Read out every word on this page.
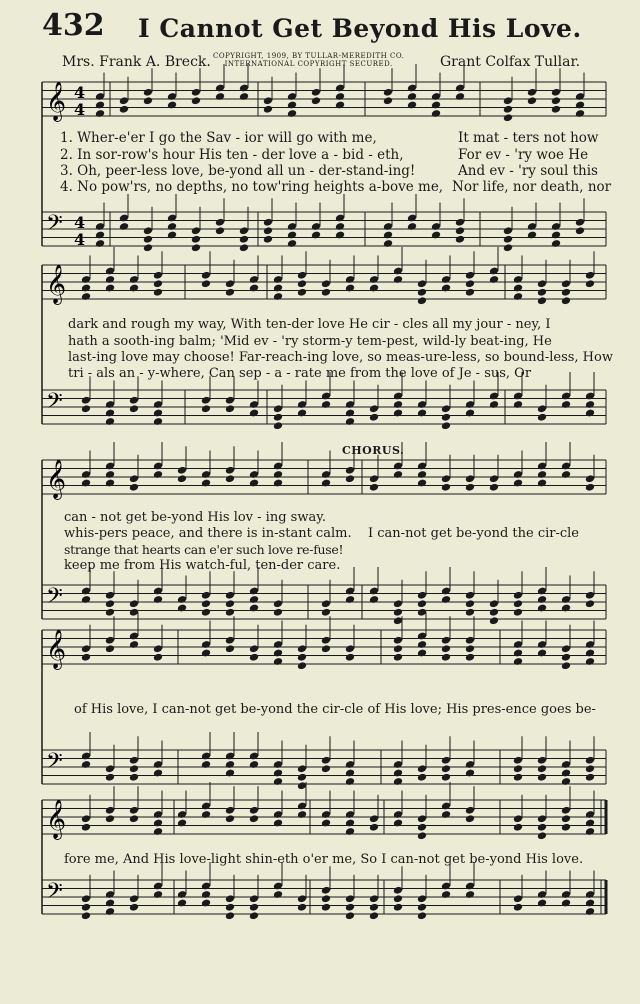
432 I Cannot Get Beyond His Love.
Mrs. Frank A. Breck. COPYRIGHT, 1909, BY TULLAR-MEREDITH CO.
INTERNATIONAL COPYRIGHT SECURED.	Grant Colfax Tullar.
𝄞
𝄢
4
4
4
4
𝄞
𝄢
𝄞
𝄢
𝄞
𝄢
𝄞
𝄢
CHORUS.
1. Wher-e'er I go the Sav - ior will go with me,	It mat - ters not how
2. In sor-row's hour His ten - der love a - bid - eth,	For ev - 'ry woe He
3. Oh, peer-less love, be-yond all un - der-stand-ing!	And ev - 'ry soul this
4. No pow'rs, no depths, no tow'ring heights a-bove me, Nor life, nor death, nor
dark and rough my way, With ten-der love He cir - cles all my jour - ney, I
hath a sooth-ing balm; 'Mid ev - 'ry storm-y tem-pest, wild-ly beat-ing, He
last-ing love may choose! Far-reach-ing love, so meas-ure-less, so bound-less, How
tri - als an - y-where, Can sep - a - rate me from the love of Je - sus, Or
can - not get be-yond His lov - ing sway.
whis-pers peace, and there is in-stant calm. I can-not get be-yond the cir-cle
strange that hearts can e'er such love re-fuse!
keep me from His watch-ful, ten-der care.
of His love, I can-not get be-yond the cir-cle of His love; His pres-ence goes be-
fore me, And His love-light shin-eth o'er me, So I can-not get be-yond His love.
